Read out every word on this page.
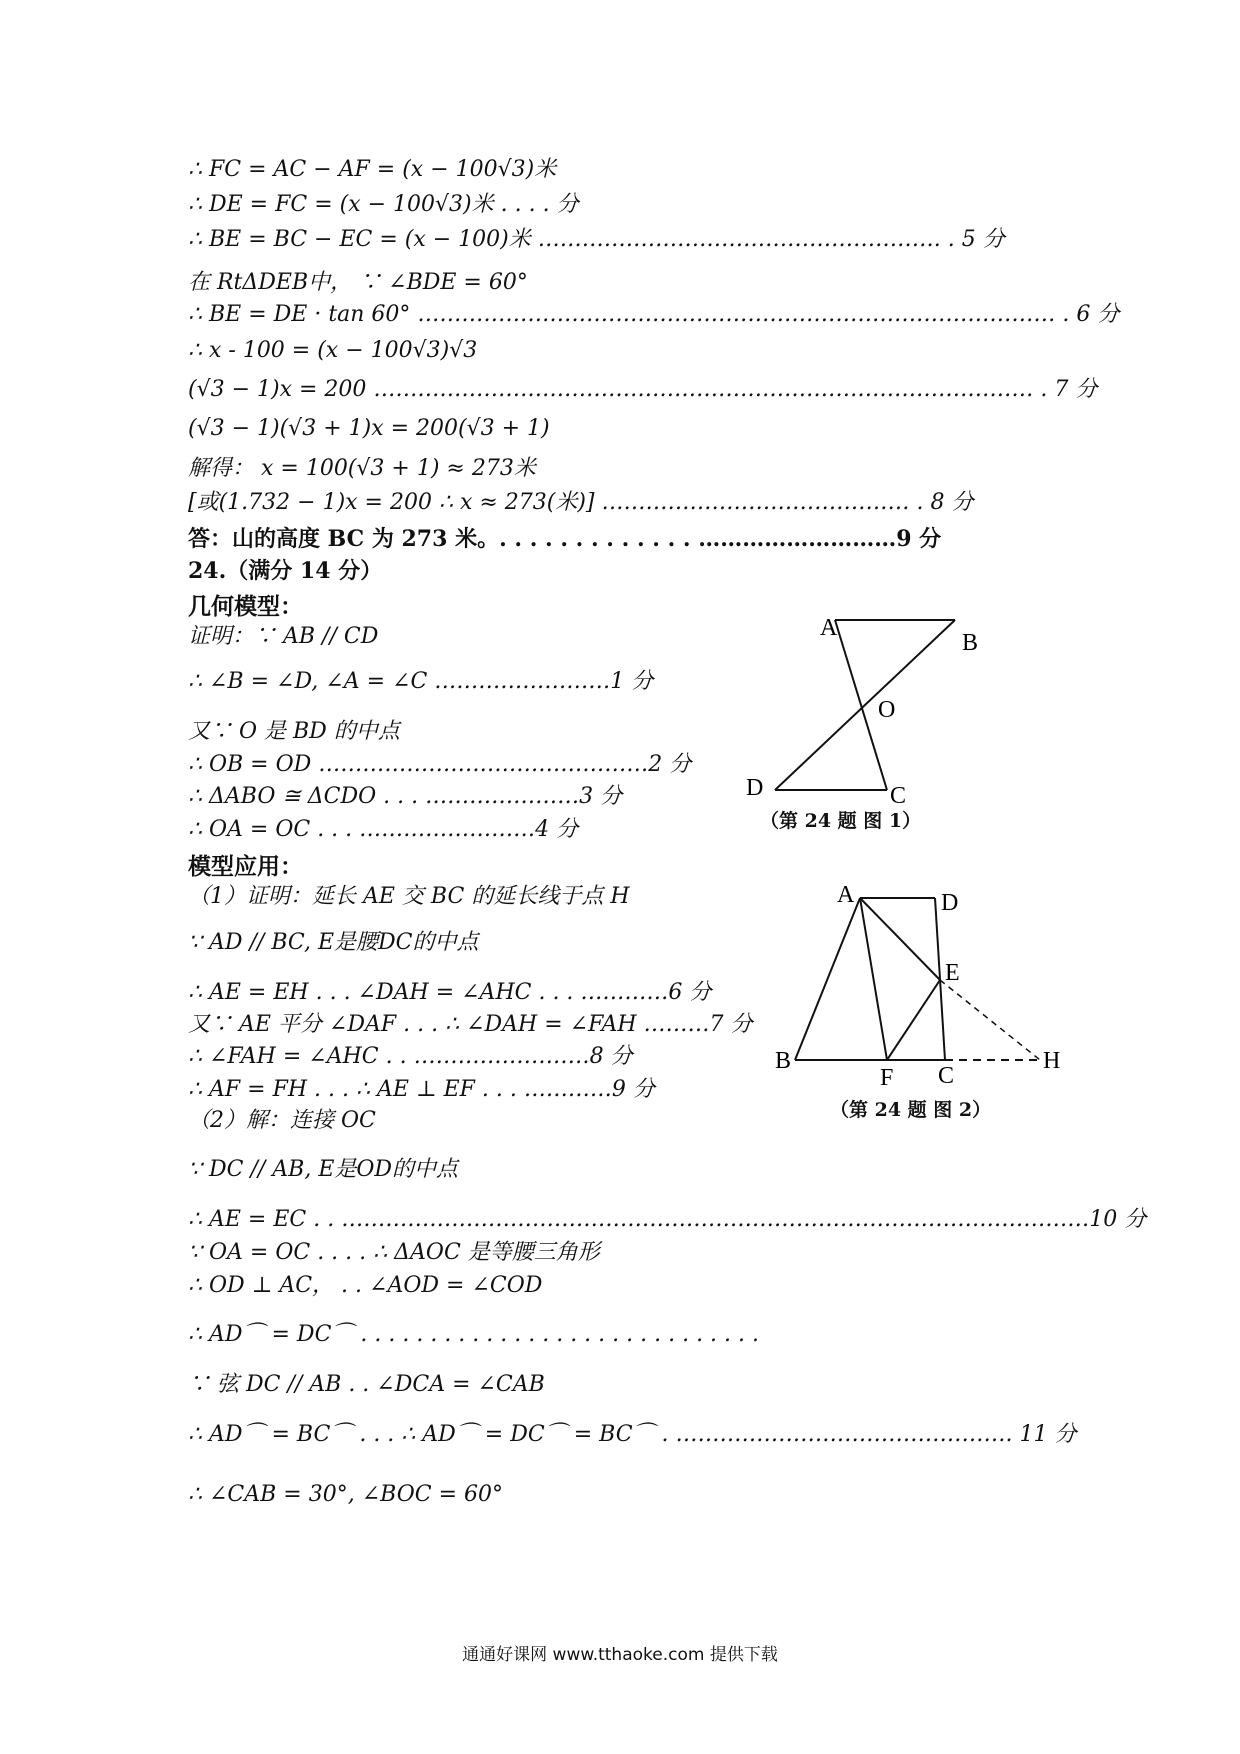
∴ FC = AC − AF = (x − 100√3)米
∴ DE = FC = (x − 100√3)米 . . . . 分
∴ BE = BC − EC = (x − 100)米 ………………………………………………. . 5 分
在 RtΔDEB中， ∵ ∠BDE = 60°
∴ BE = DE · tan 60° …………………………………………………………………………… . 6 分
∴ x - 100 = (x − 100√3)√3
(√3 − 1)x = 200 ……………………………………………………………………………… . 7 分
(√3 − 1)(√3 + 1)x = 200(√3 + 1)
解得： x = 100(√3 + 1) ≈ 273米
[或(1.732 − 1)x = 200 ∴ x ≈ 273(米)] …………………………………… . 8 分
答：山的高度 BC 为 273 米。. . . . . . . . . . . . . ………………………9 分
24.（满分 14 分）
几何模型：
证明：∵ AB // CD
∴ ∠B = ∠D, ∠A = ∠C ……………………1 分
又∵ O 是 BD 的中点
∴ OB = OD ………………………………………2 分
∴ ΔABO ≅ ΔCDO . . . …………………3 分
∴ OA = OC . . . ……………………4 分
模型应用：
（1）证明：延长 AE 交 BC 的延长线于点 H
∵ AD // BC, E是腰DC的中点
∴ AE = EH . . . ∠DAH = ∠AHC . . . …………6 分
又∵ AE 平分 ∠DAF . . . ∴ ∠DAH = ∠FAH ………7 分
∴ ∠FAH = ∠AHC . . ……………………8 分
∴ AF = FH . . . ∴ AE ⊥ EF . . . …………9 分
（2）解：连接 OC
∵ DC // AB, E是OD的中点
∴ AE = EC . . …………………………………………………………………………………………10 分
∵ OA = OC . . . . ∴ ΔAOC 是等腰三角形
∴ OD ⊥ AC， . . ∠AOD = ∠COD
∴ AD⌒ = DC⌒ . . . . . . . . . . . . . . . . . . . . . . . . . . . . .
∵ 弦 DC // AB . . ∠DCA = ∠CAB
∴ AD⌒ = BC⌒ . . . ∴ AD⌒ = DC⌒ = BC⌒ . ………………………………………. 11 分
∴ ∠CAB = 30°, ∠BOC = 60°
A
B
O
D	C
（第 24 题 图 1）
A	D
E
B
F C
H
（第 24 题 图 2）
通通好课网 www.tthaoke.com 提供下载
